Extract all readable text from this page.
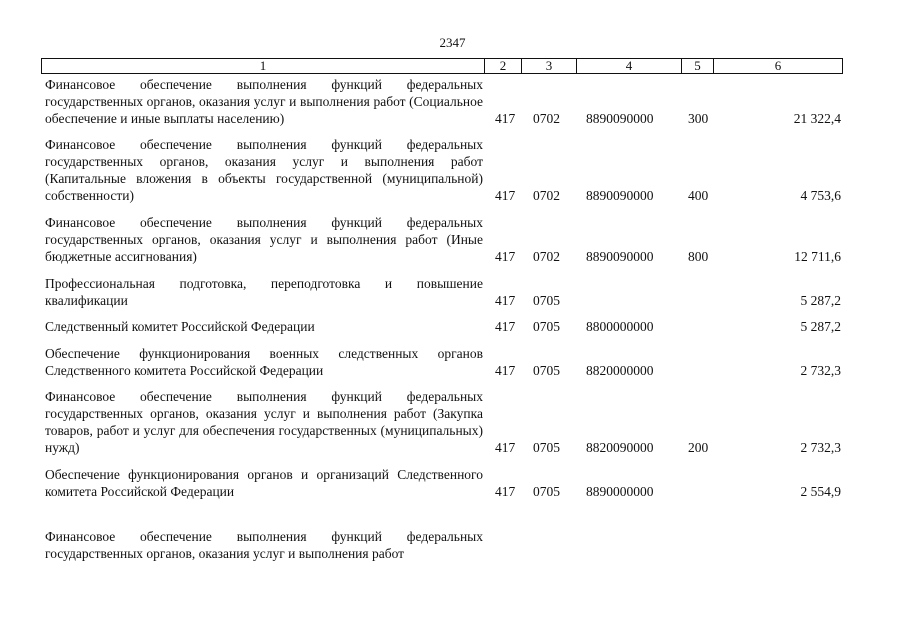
2347
1	2	3	4	5	6
Финансовое обеспечение выполнения функций федеральных государственных органов, оказания услуг и выполнения работ (Социальное обеспечение и иные выплаты населению)	417 0702 8890090000	300	21 322,4
Финансовое обеспечение выполнения функций федеральных государственных органов, оказания услуг и выполнения работ (Капитальные вложения в объекты государственной (муниципальной) собственности)	417 0702 8890090000	400	4 753,6
Финансовое обеспечение выполнения функций федеральных государственных органов, оказания услуг и выполнения работ (Иные бюджетные ассигнования)	417 0702 8890090000	800	12 711,6
Профессиональная подготовка, переподготовка и повышение квалификации	417 0705	5 287,2
Следственный комитет Российской Федерации	417 0705 8800000000	5 287,2
Обеспечение функционирования военных следственных органов Следственного комитета Российской Федерации	417 0705 8820000000	2 732,3
Финансовое обеспечение выполнения функций федеральных государственных органов, оказания услуг и выполнения работ (Закупка товаров, работ и услуг для обеспечения государственных (муниципальных) нужд)	417 0705 8820090000	200	2 732,3
Обеспечение функционирования органов и организаций Следственного комитета Российской Федерации	417 0705 8890000000	2 554,9
Финансовое обеспечение выполнения функций федеральных государственных органов, оказания услуг и выполнения работ
